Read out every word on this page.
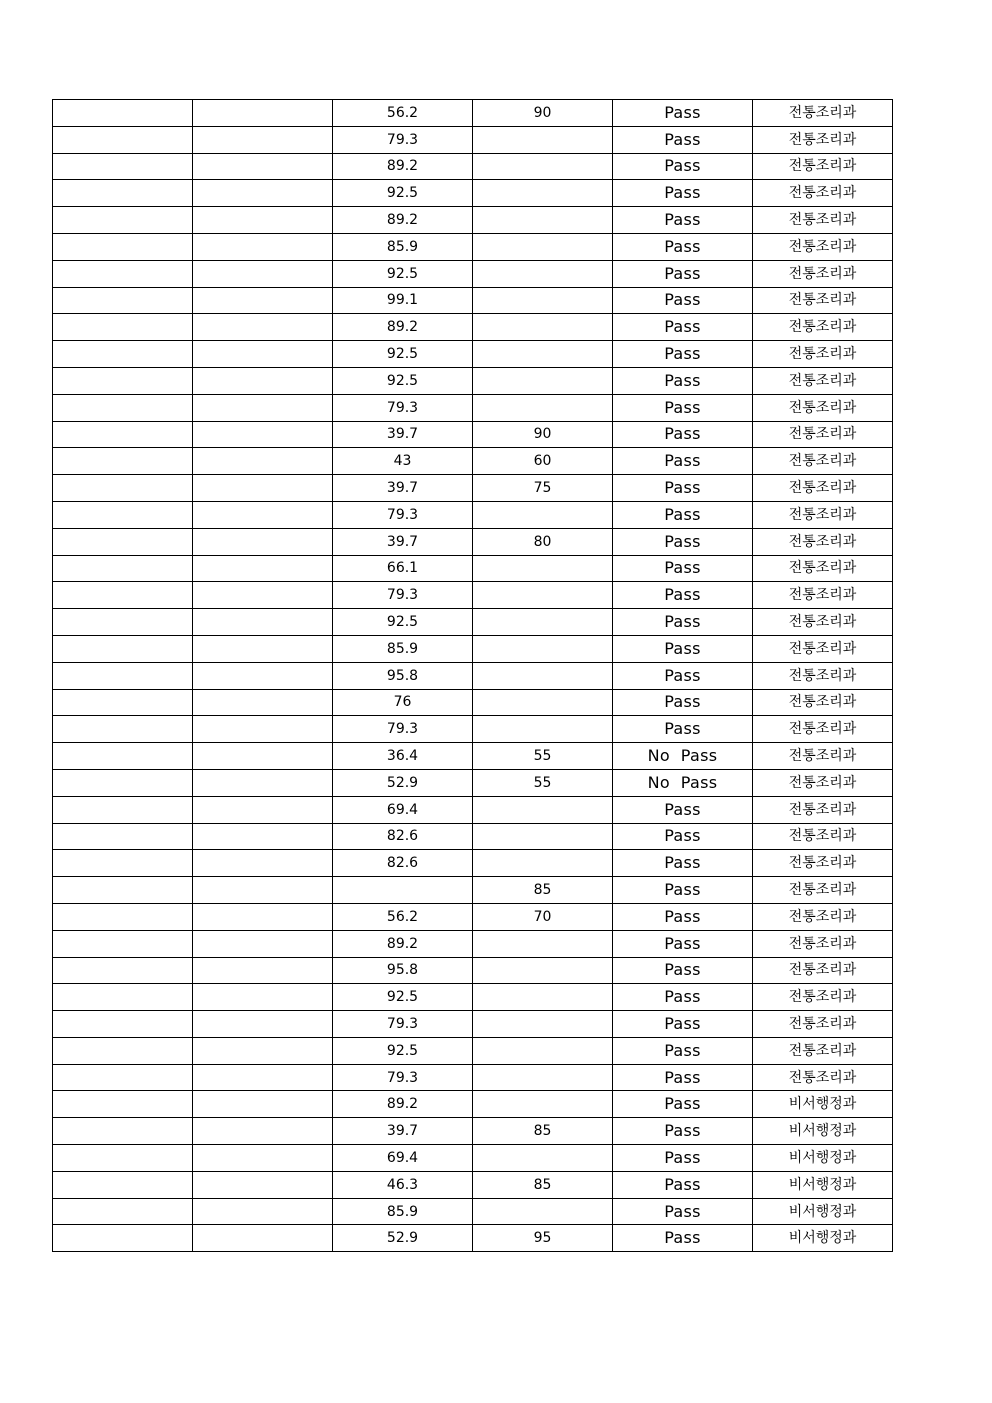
		56.2	90	Pass	전통조리과
		79.3		Pass	전통조리과
		89.2		Pass	전통조리과
		92.5		Pass	전통조리과
		89.2		Pass	전통조리과
		85.9		Pass	전통조리과
		92.5		Pass	전통조리과
		99.1		Pass	전통조리과
		89.2		Pass	전통조리과
		92.5		Pass	전통조리과
		92.5		Pass	전통조리과
		79.3		Pass	전통조리과
		39.7	90	Pass	전통조리과
		43	60	Pass	전통조리과
		39.7	75	Pass	전통조리과
		79.3		Pass	전통조리과
		39.7	80	Pass	전통조리과
		66.1		Pass	전통조리과
		79.3		Pass	전통조리과
		92.5		Pass	전통조리과
		85.9		Pass	전통조리과
		95.8		Pass	전통조리과
		76		Pass	전통조리과
		79.3		Pass	전통조리과
		36.4	55	No  Pass	전통조리과
		52.9	55	No  Pass	전통조리과
		69.4		Pass	전통조리과
		82.6		Pass	전통조리과
		82.6		Pass	전통조리과
			85	Pass	전통조리과
		56.2	70	Pass	전통조리과
		89.2		Pass	전통조리과
		95.8		Pass	전통조리과
		92.5		Pass	전통조리과
		79.3		Pass	전통조리과
		92.5		Pass	전통조리과
		79.3		Pass	전통조리과
		89.2		Pass	비서행정과
		39.7	85	Pass	비서행정과
		69.4		Pass	비서행정과
		46.3	85	Pass	비서행정과
		85.9		Pass	비서행정과
		52.9	95	Pass	비서행정과
